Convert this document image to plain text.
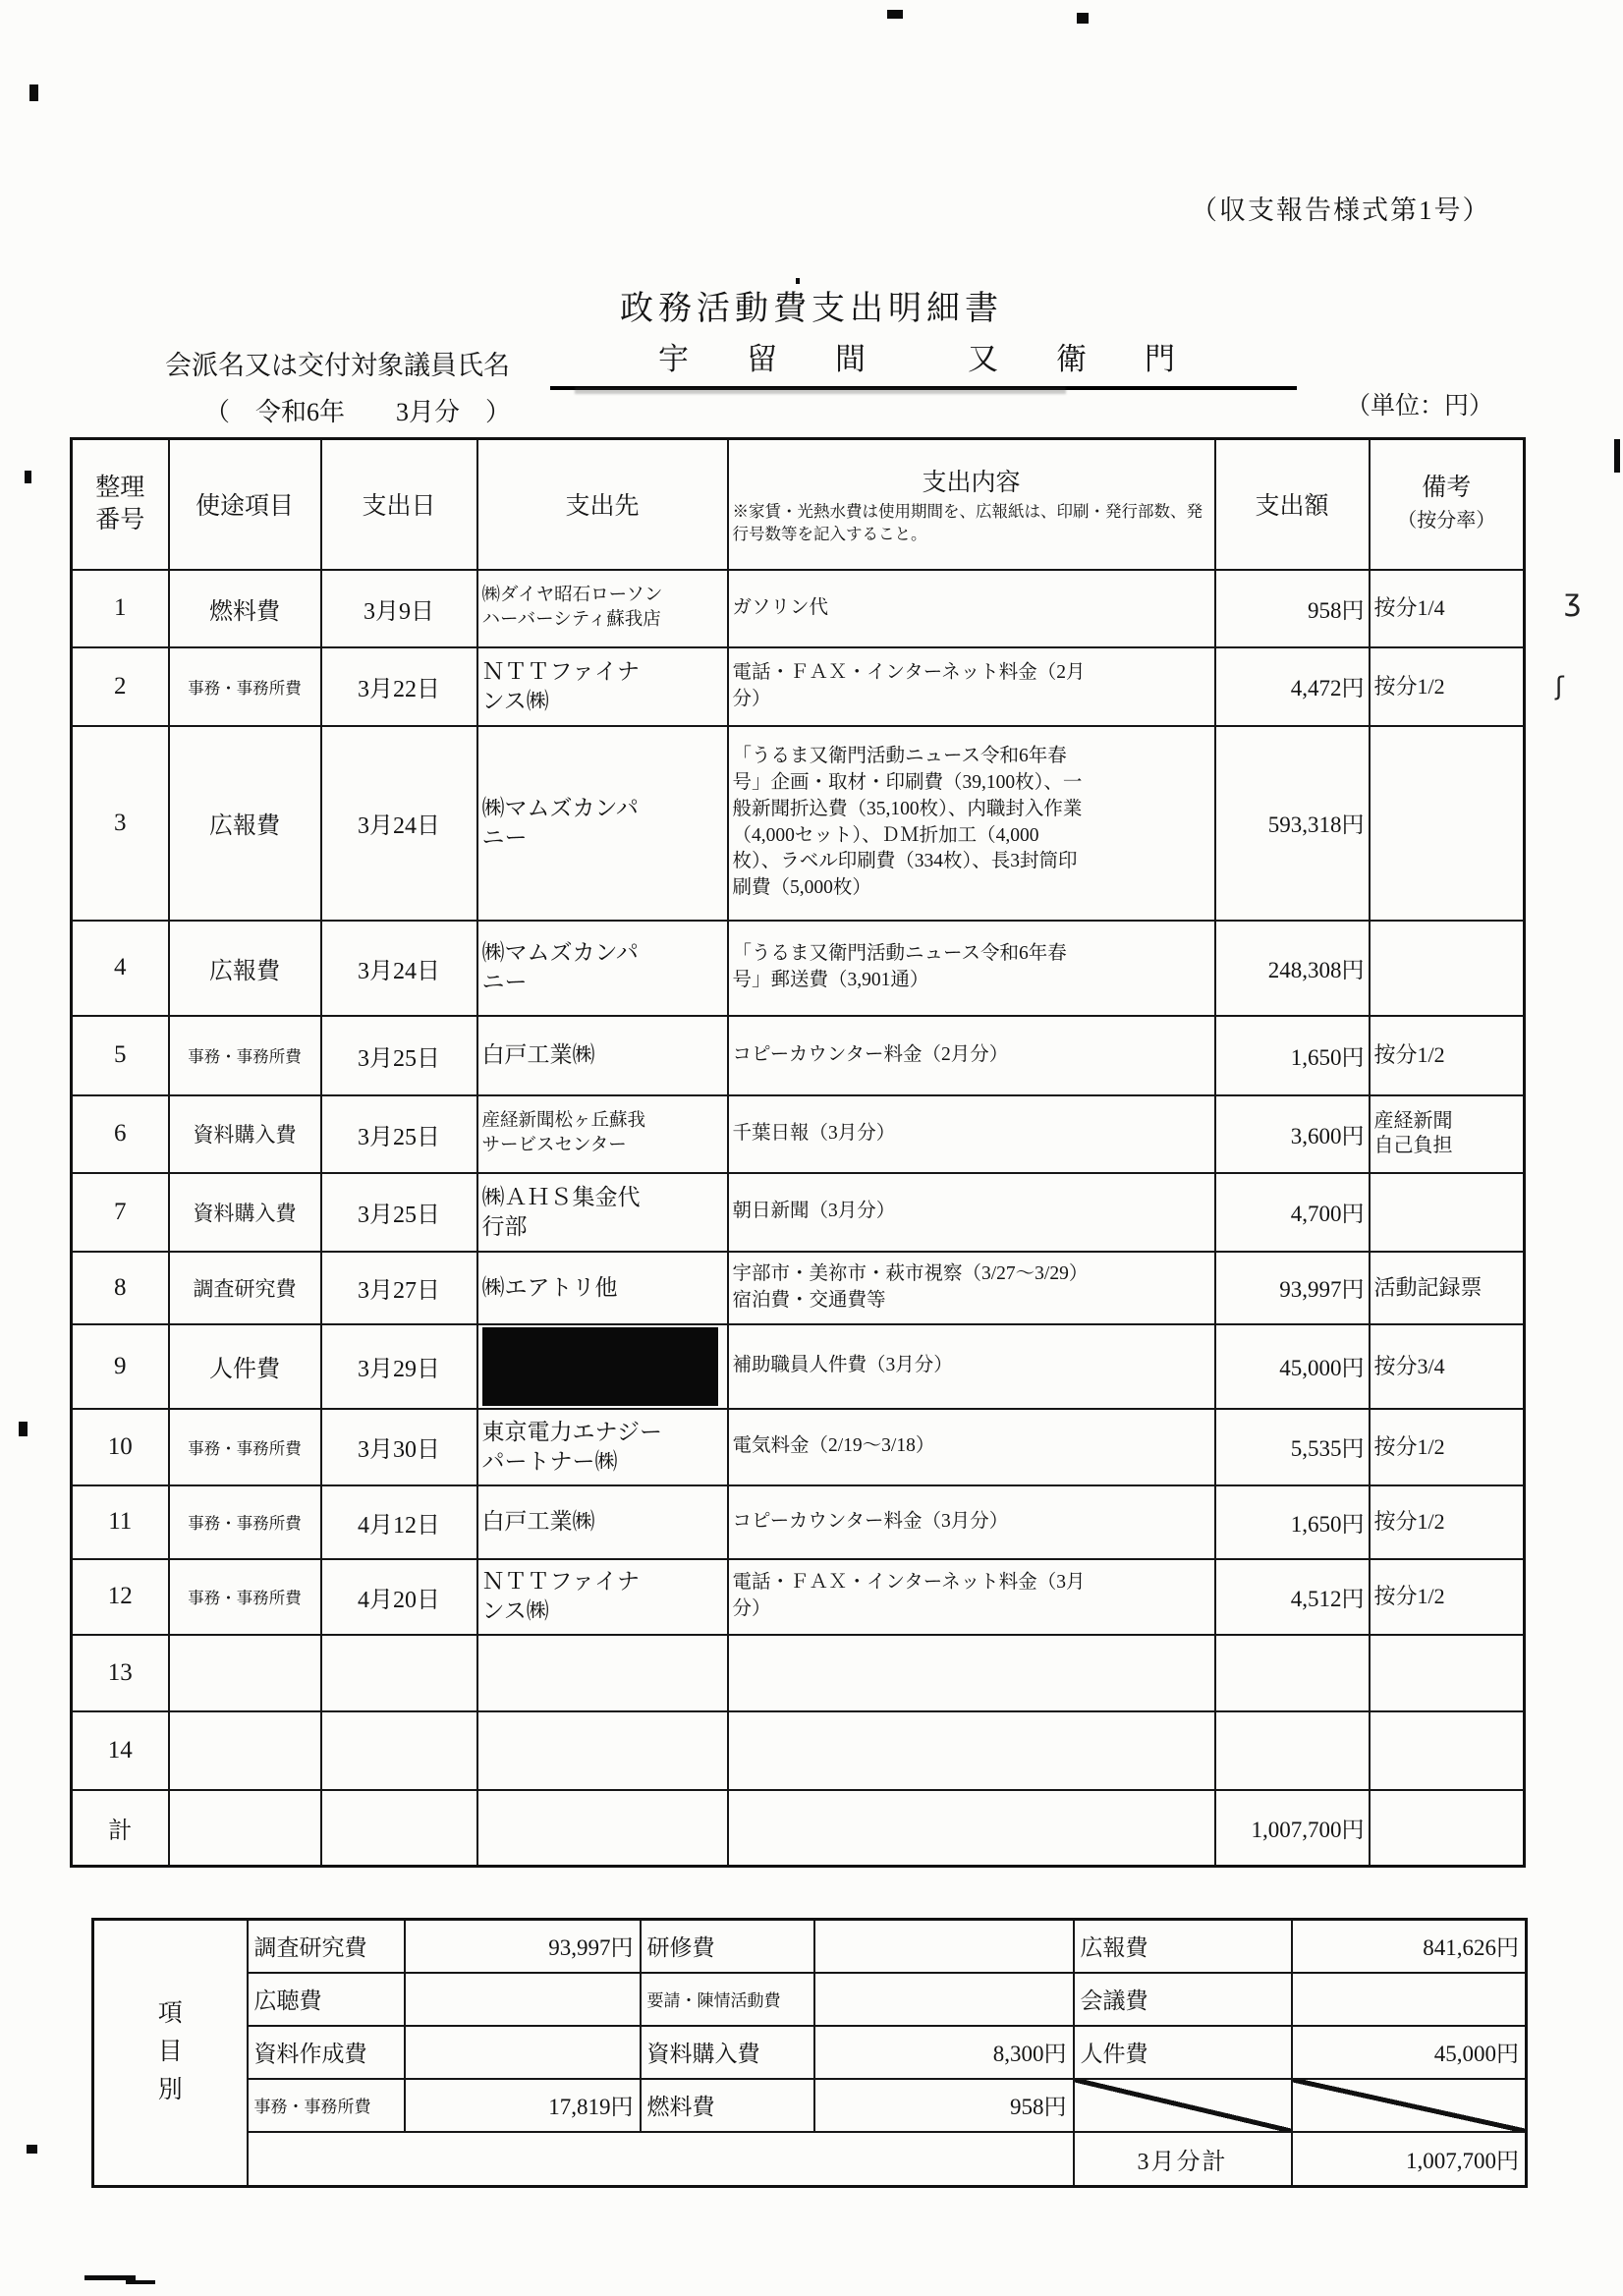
（収支報告様式第1号）
政務活動費支出明細書
会派名又は交付対象議員氏名	宇　留　間　　又　衛　門
（　令和6年　　3月分　）	（単位：円）
整理
番号	使途項目	支出日	支出先	
支出内容
※家賃・光熱水費は使用期間を、広報紙は、印刷・発行部数、発行号数等を記入すること。
	支出額	備考
（按分率）
1	燃料費	3月9日	㈱ダイヤ昭石ローソン
ハーバーシティ蘇我店	ガソリン代	958円	按分1/4
2	事務・事務所費	3月22日	ＮＴＴファイナ
ンス㈱	電話・ＦＡＸ・インターネット料金（2月
分）	4,472円	按分1/2
3	広報費	3月24日	㈱マムズカンパ
ニー	「うるま又衛門活動ニュース令和6年春
号」企画・取材・印刷費（39,100枚）、一
般新聞折込費（35,100枚）、内職封入作業
（4,000セット）、ＤＭ折加工（4,000
枚）、ラベル印刷費（334枚）、長3封筒印
刷費（5,000枚）	593,318円	
4	広報費	3月24日	㈱マムズカンパ
ニー	「うるま又衛門活動ニュース令和6年春
号」郵送費（3,901通）	248,308円	
5	事務・事務所費	3月25日	白戸工業㈱	コピーカウンター料金（2月分）	1,650円	按分1/2
6	資料購入費	3月25日	産経新聞松ヶ丘蘇我
サービスセンター	千葉日報（3月分）	3,600円	産経新聞
自己負担
7	資料購入費	3月25日	㈱ＡＨＳ集金代
行部	朝日新聞（3月分）	4,700円	
8	調査研究費	3月27日	㈱エアトリ他	宇部市・美祢市・萩市視察（3/27～3/29）
宿泊費・交通費等	93,997円	活動記録票
9	人件費	3月29日		補助職員人件費（3月分）	45,000円	按分3/4
10	事務・事務所費	3月30日	東京電力エナジー
パートナー㈱	電気料金（2/19～3/18）	5,535円	按分1/2
11	事務・事務所費	4月12日	白戸工業㈱	コピーカウンター料金（3月分）	1,650円	按分1/2
12	事務・事務所費	4月20日	ＮＴＴファイナ
ンス㈱	電話・ＦＡＸ・インターネット料金（3月
分）	4,512円	按分1/2
13						
14						
計					1,007,700円	
項目別	調査研究費	93,997円	研修費		広報費	841,626円
	広聴費		要請・陳情活動費		会議費	
	資料作成費		資料購入費	8,300円	人件費	45,000円
	事務・事務所費	17,819円	燃料費	958円		
					3月分計	1,007,700円
ʒ
ʃ
